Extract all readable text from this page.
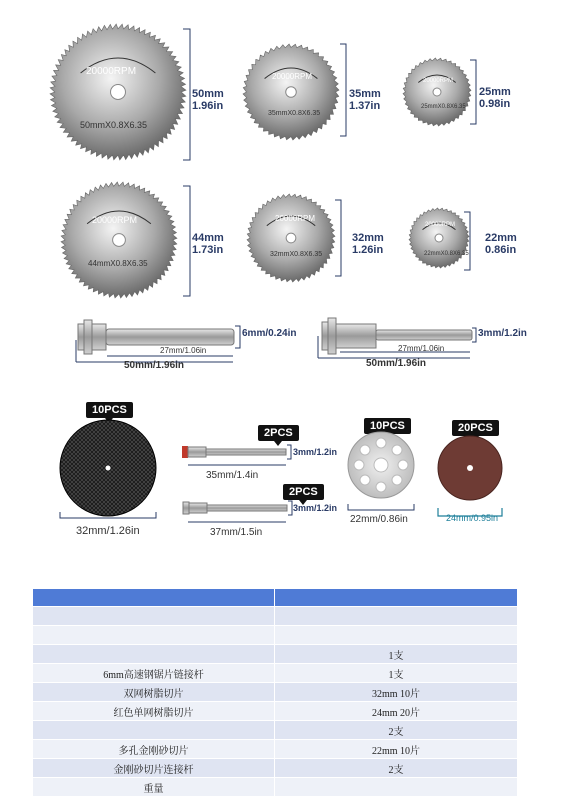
50mm
1.96in
35mm
1.37in
25mm
0.98in
44mm
1.73in
32mm
1.26in
22mm
0.86in
20000RPM
50mmX0.8X6.35
20000RPM
35mmX0.8X6.35
20000RPM
25mmX0.8X6.35
20000RPM
44mmX0.8X6.35
20000RPM
32mmX0.8X6.35
20000RPM
22mmX0.8X6.35
6mm/0.24in
27mm/1.06in
50mm/1.96in
3mm/1.2in
27mm/1.06in
50mm/1.96in
10PCS
2PCS
2PCS
10PCS	20PCS
32mm/1.26in
3mm/1.2in
35mm/1.4in
3mm/1.2in
37mm/1.5in
22mm/0.86in	24mm/0.95in

	1支
6mm高速钢锯片链接杆	1支
双网树脂切片	32mm 10片
红色单网树脂切片	24mm 20片
	2支
多孔金刚砂切片	22mm 10片
金刚砂切片连接杆	2支
重量	
